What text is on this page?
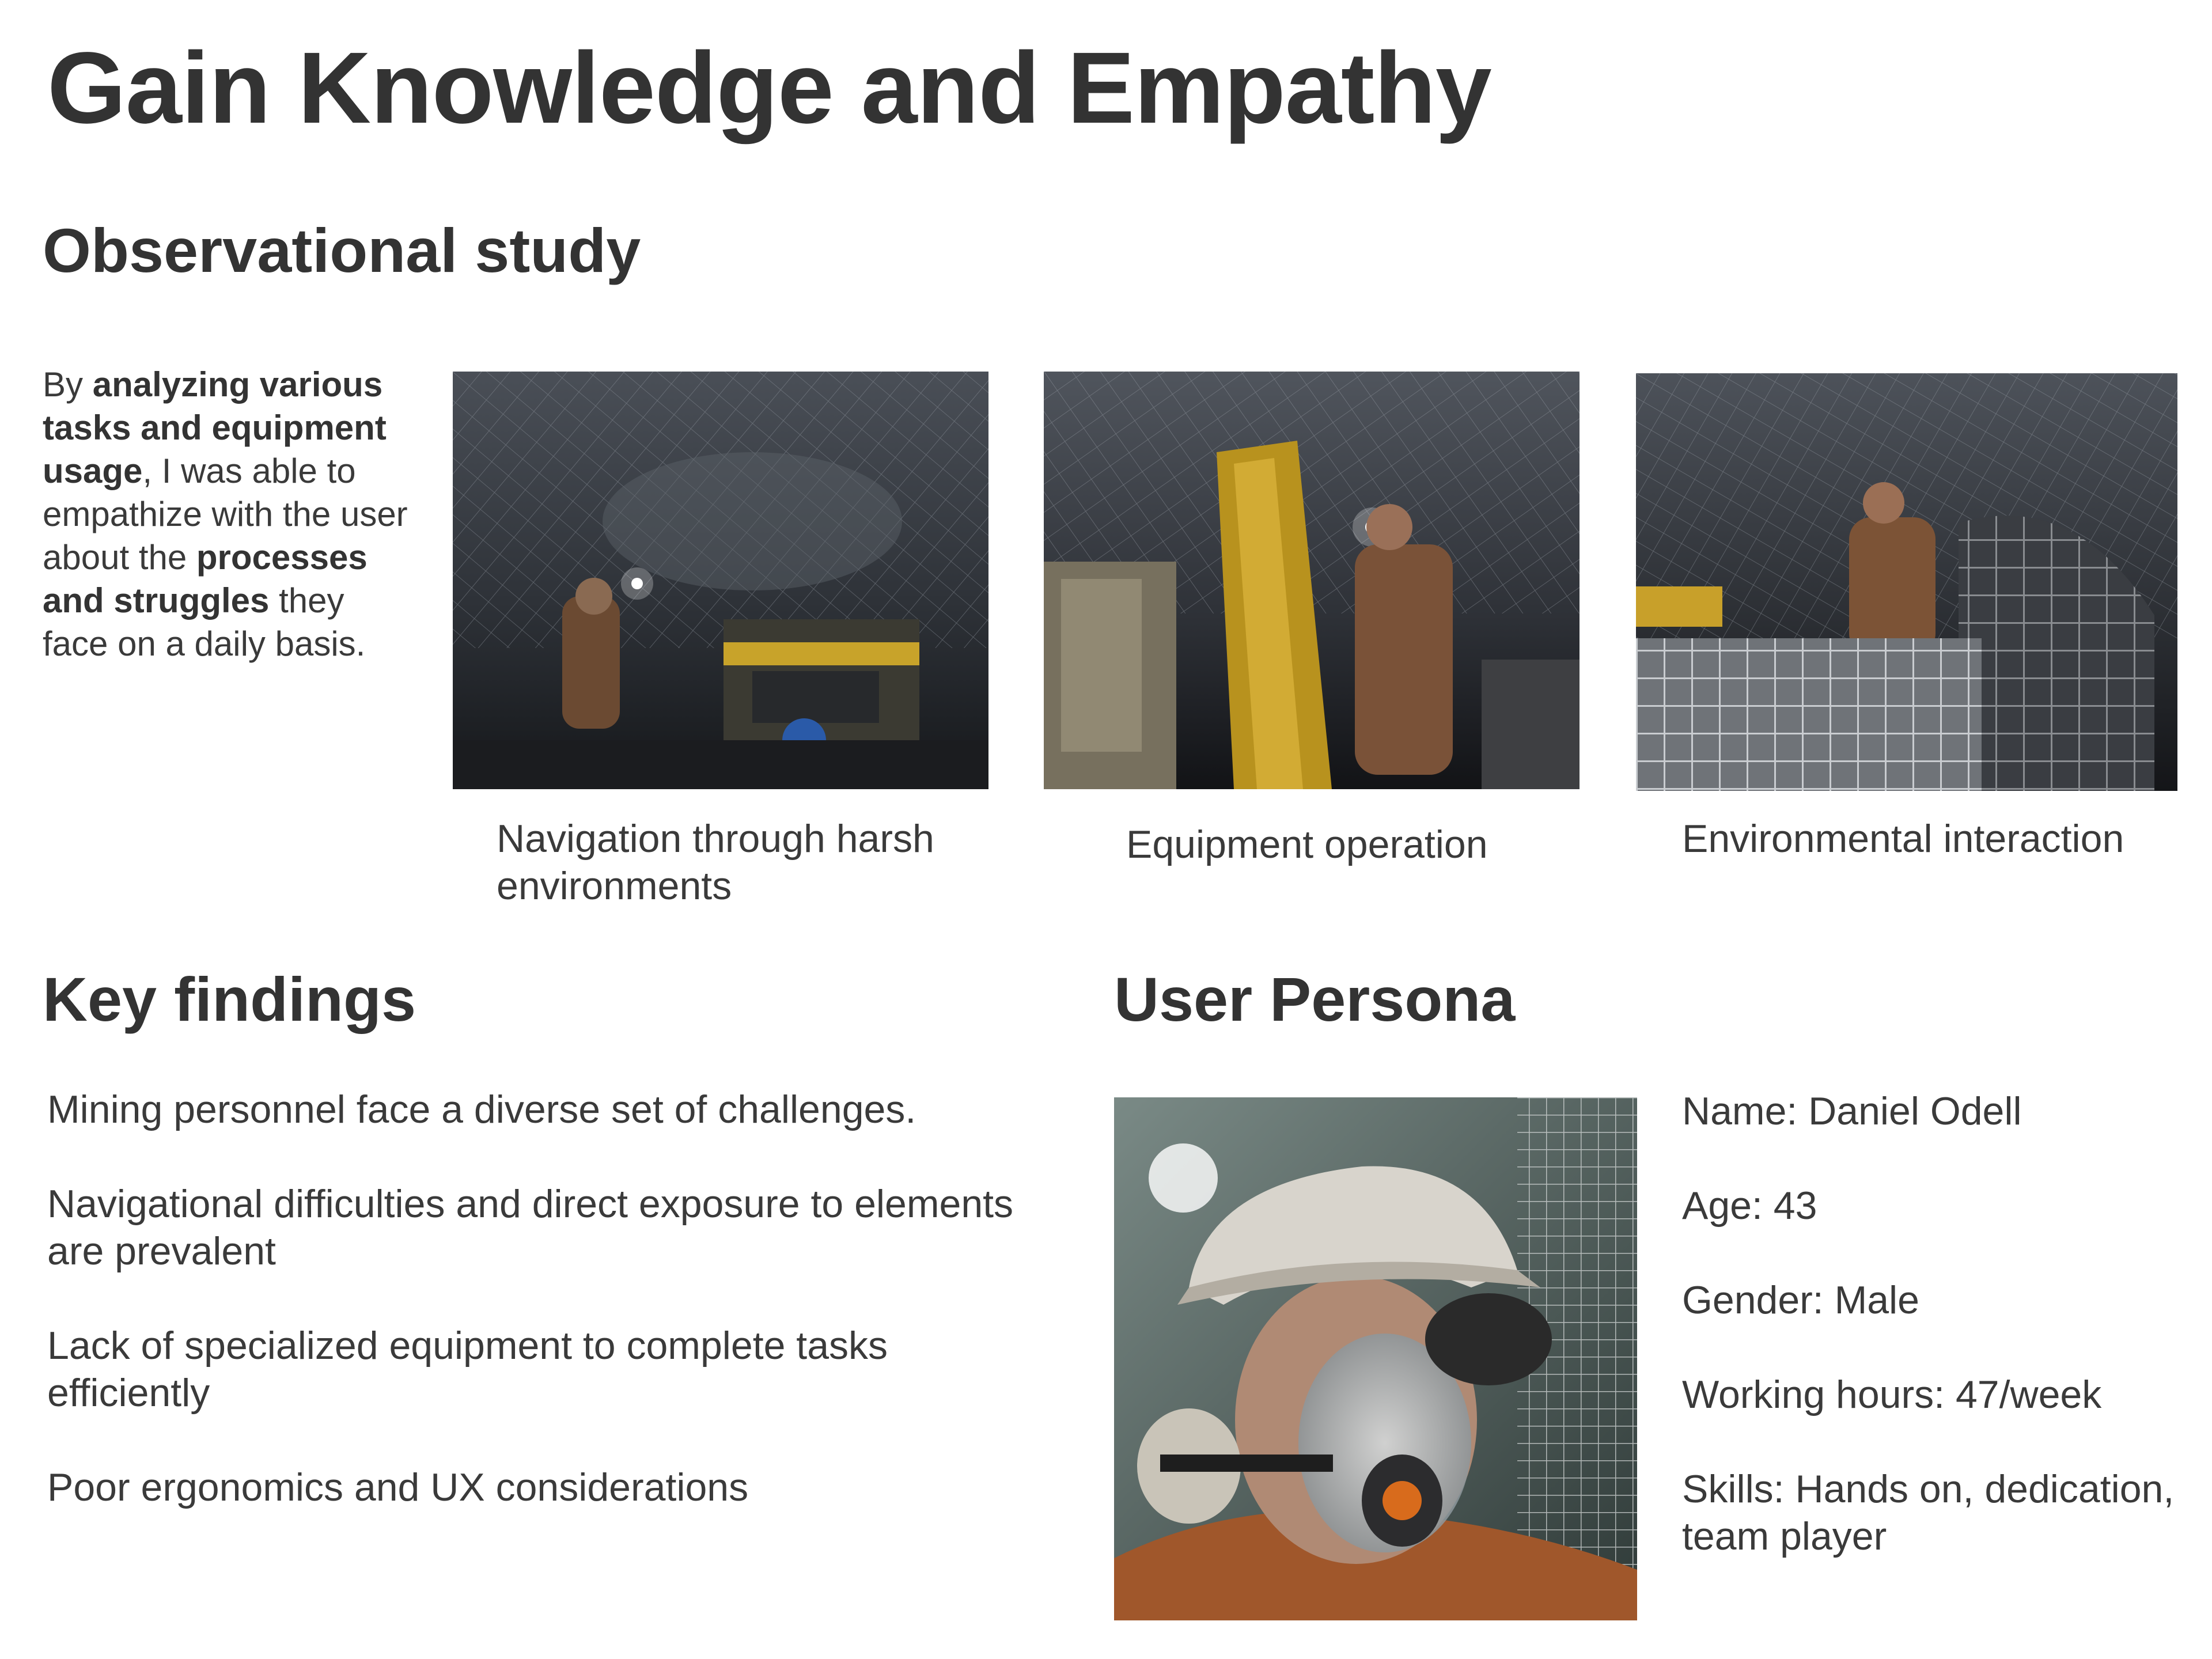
Gain Knowledge and Empathy
Observational study
By analyzing various tasks and equipment usage, I was able to empathize with the user about the processes and struggles they face on a daily basis.
Navigation through harsh environments
Equipment operation	Environmental interaction
Key findings

Mining personnel face a diverse set of challenges.

Navigational difficulties and direct exposure to elements are prevalent

Lack of specialized equipment to complete tasks efficiently

Poor ergonomics and UX considerations

User Persona

Name: Daniel Odell

Age: 43

Gender: Male

Working hours: 47/week

Skills: Hands on, dedication, team player
